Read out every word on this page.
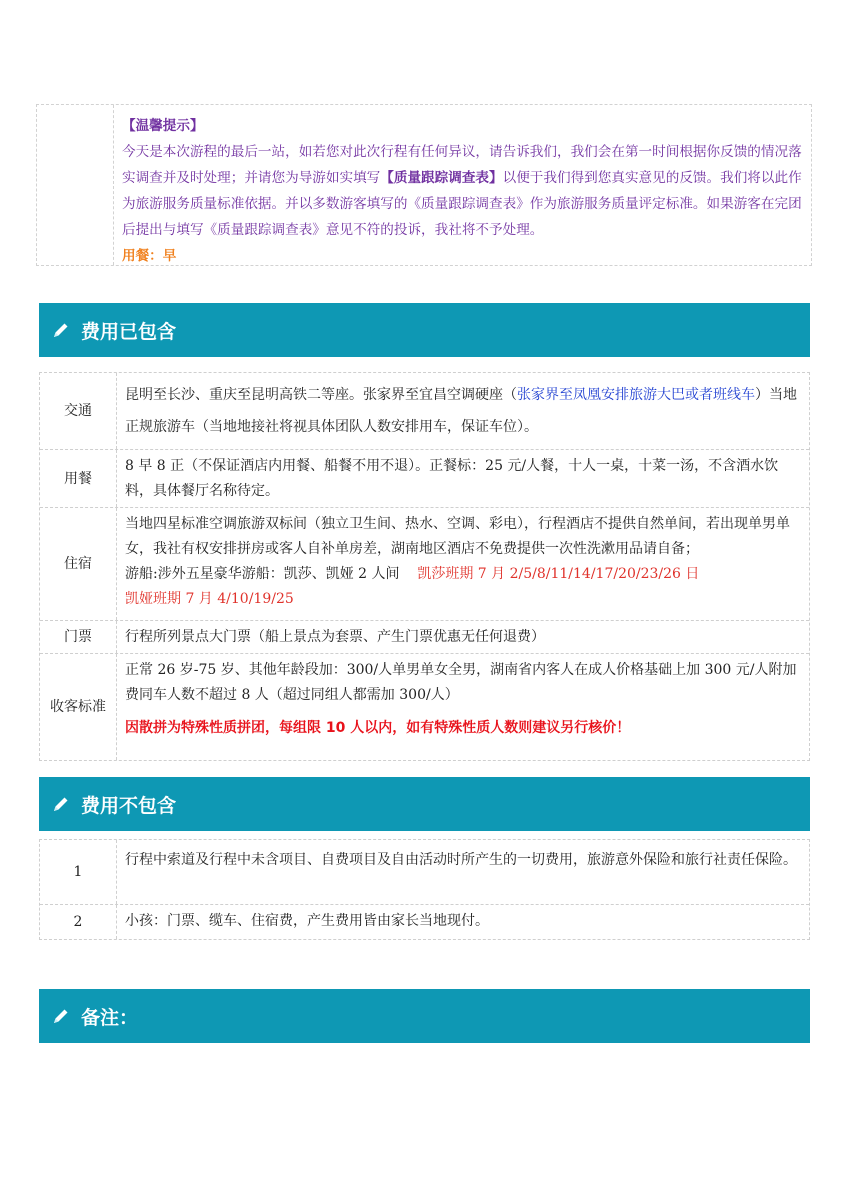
【温馨提示】
今天是本次游程的最后一站，如若您对此次行程有任何异议，请告诉我们，我们会在第一时间根据你反馈的情况落实调查并及时处理；并请您为导游如实填写【质量跟踪调查表】以便于我们得到您真实意见的反馈。我们将以此作为旅游服务质量标准依据。并以多数游客填写的《质量跟踪调查表》作为旅游服务质量评定标准。如果游客在完团后提出与填写《质量跟踪调查表》意见不符的投诉，我社将不予处理。
用餐：早
费用已包含
交通
昆明至长沙、重庆至昆明高铁二等座。张家界至宜昌空调硬座（张家界至凤凰安排旅游大巴或者班线车）当地正规旅游车（当地地接社将视具体团队人数安排用车，保证车位）。
用餐
8 早 8 正（不保证酒店内用餐、船餐不用不退）。正餐标：25 元/人餐，十人一桌，十菜一汤，不含酒水饮料，具体餐厅名称待定。
住宿
当地四星标准空调旅游双标间（独立卫生间、热水、空调、彩电），行程酒店不提供自然单间，若出现单男单女，我社有权安排拼房或客人自补单房差，湖南地区酒店不免费提供一次性洗漱用品请自备；
游船:涉外五星豪华游船：凯莎、凯娅 2 人间 凯莎班期 7 月 2/5/8/11/14/17/20/23/26 日
凯娅班期 7 月 4/10/19/25
门票	行程所列景点大门票（船上景点为套票、产生门票优惠无任何退费）
收客标准
正常 26 岁-75 岁、其他年龄段加：300/人单男单女全男，湖南省内客人在成人价格基础上加 300 元/人附加费同车人数不超过 8 人（超过同组人都需加 300/人）
因散拼为特殊性质拼团，每组限 10 人以内，如有特殊性质人数则建议另行核价！
费用不包含
1
行程中索道及行程中未含项目、自费项目及自由活动时所产生的一切费用，旅游意外保险和旅行社责任保险。
2	小孩：门票、缆车、住宿费，产生费用皆由家长当地现付。
备注：
